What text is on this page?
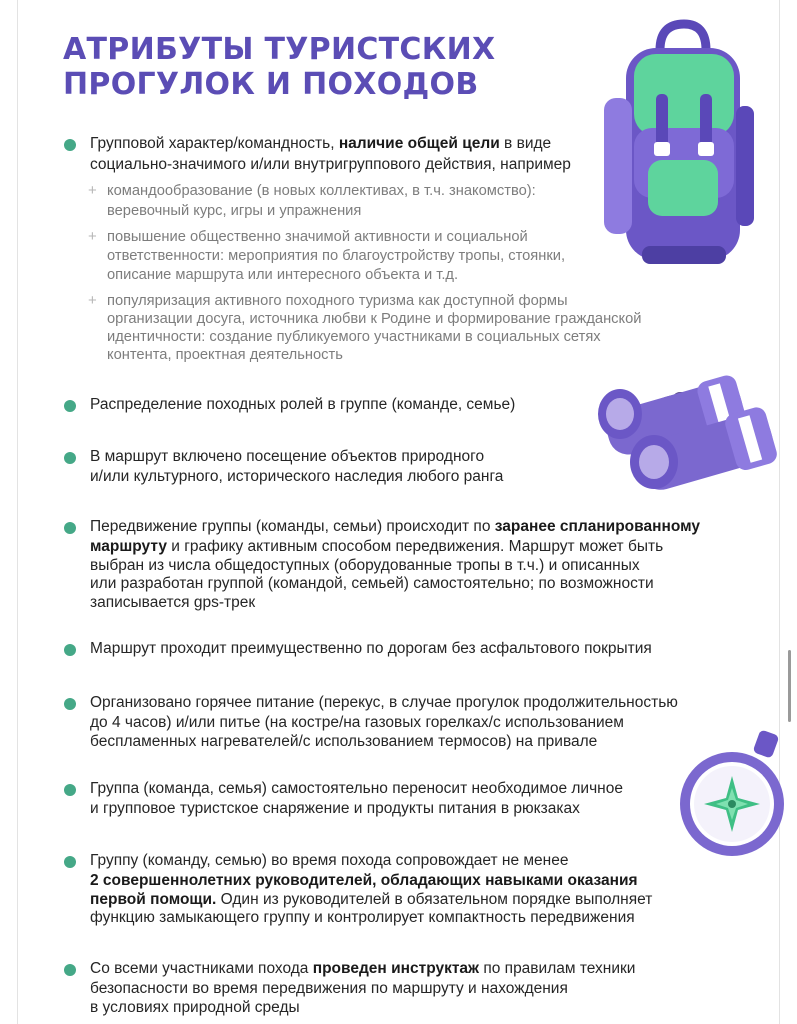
АТРИБУТЫ ТУРИСТСКИХ
ПРОГУЛОК И ПОХОДОВ
Групповой характер/командность, наличие общей цели в виде
социально-значимого и/или внутригруппового действия, например
+ командообразование (в новых коллективах, в т.ч. знакомство):
веревочный курс, игры и упражнения
+ повышение общественно значимой активности и социальной
ответственности: мероприятия по благоустройству тропы, стоянки,
описание маршрута или интересного объекта и т.д.
+ популяризация активного походного туризма как доступной формы
организации досуга, источника любви к Родине и формирование гражданской
идентичности: создание публикуемого участниками в социальных сетях
контента, проектная деятельность
Распределение походных ролей в группе (команде, семье)
В маршрут включено посещение объектов природного
и/или культурного, исторического наследия любого ранга
Передвижение группы (команды, семьи) происходит по заранее спланированному
маршруту и графику активным способом передвижения. Маршрут может быть
выбран из числа общедоступных (оборудованные тропы в т.ч.) и описанных
или разработан группой (командой, семьей) самостоятельно; по возможности
записывается gps-трек
Маршрут проходит преимущественно по дорогам без асфальтового покрытия
Организовано горячее питание (перекус, в случае прогулок продолжительностью
до 4 часов) и/или питье (на костре/на газовых горелках/с использованием
беспламенных нагревателей/с использованием термосов) на привале
Группа (команда, семья) самостоятельно переносит необходимое личное
и групповое туристское снаряжение и продукты питания в рюкзаках
Группу (команду, семью) во время похода сопровождает не менее
2 совершеннолетних руководителей, обладающих навыками оказания
первой помощи. Один из руководителей в обязательном порядке выполняет
функцию замыкающего группу и контролирует компактность передвижения
Со всеми участниками похода проведен инструктаж по правилам техники
безопасности во время передвижения по маршруту и нахождения
в условиях природной среды
